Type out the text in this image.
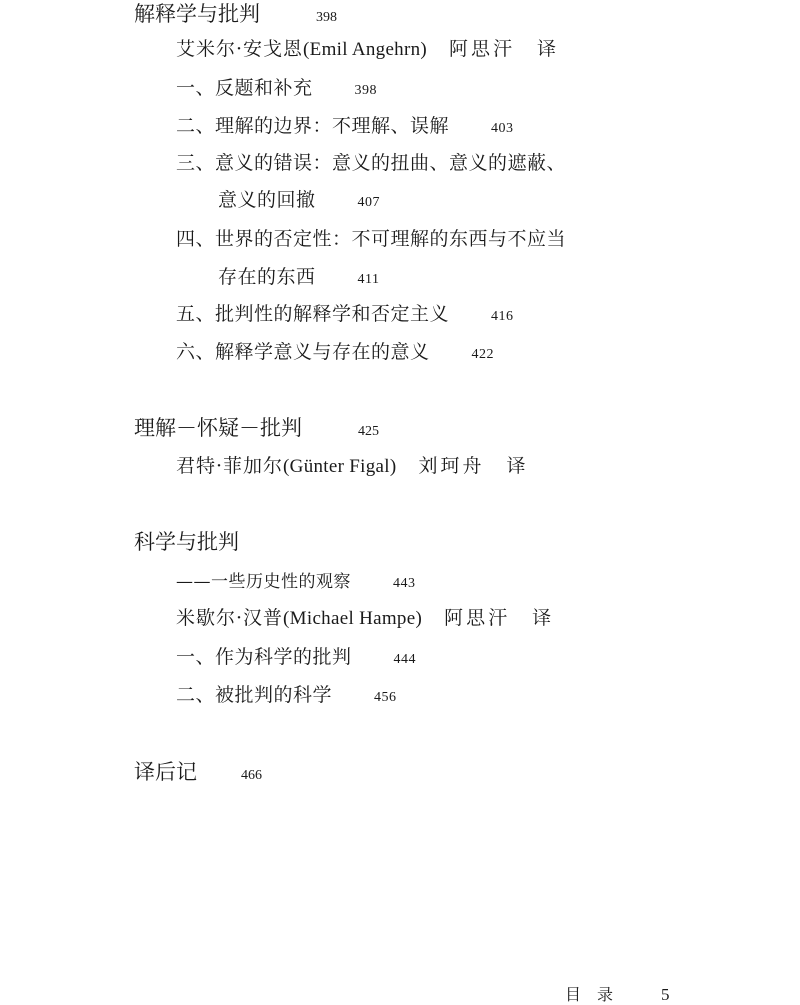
解释学与批判	398
艾米尔·安戈恩(Emil Angehrn) 阿思汗　译
一、反题和补充	398
二、理解的边界：不理解、误解	403
三、意义的错误：意义的扭曲、意义的遮蔽、
意义的回撤	407
四、世界的否定性：不可理解的东西与不应当
存在的东西	411
五、批判性的解释学和否定主义	416
六、解释学意义与存在的意义	422
理解－怀疑－批判	425
君特·菲加尔(Günter Figal) 刘珂舟　译
科学与批判
——一些历史性的观察	443
米歇尔·汉普(Michael Hampe) 阿思汗　译
一、作为科学的批判	444
二、被批判的科学	456
译后记	466
目　录	5
